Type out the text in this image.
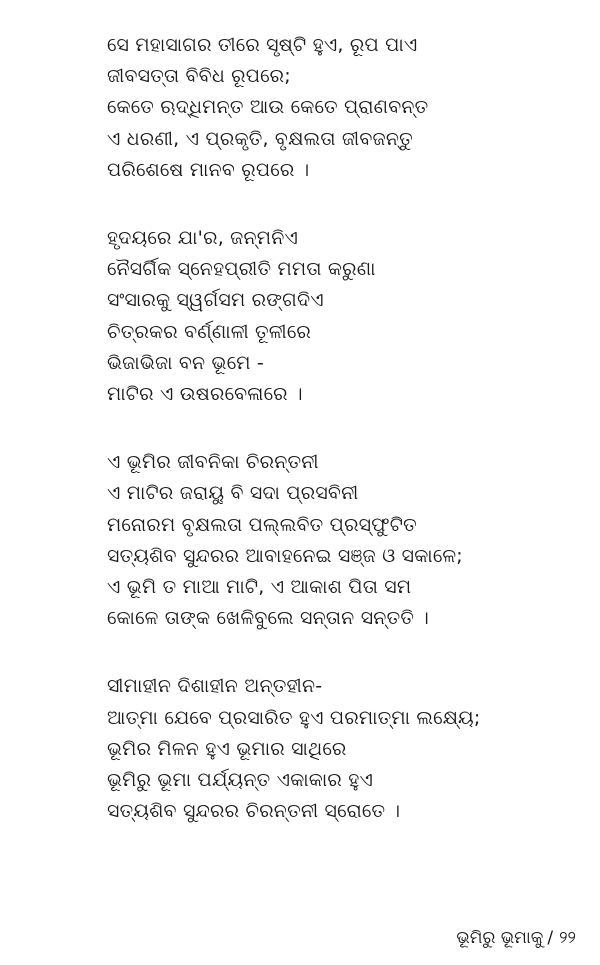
ସେ ମହାସାଗର ତୀରେ ସୃଷ୍ଟି ହୁଏ, ରୂପ ପାଏ
ଜୀବସତ୍ତା ବିବିଧ ରୂପରେ;
କେତେ ଋଦ୍ଧିମନ୍ତ ଆଉ କେତେ ପ୍ରାଣବନ୍ତ
ଏ ଧରଣୀ, ଏ ପ୍ରକୃତି, ବୃକ୍ଷଲତା ଜୀବଜନ୍ତୁ
ପରିଶେଷେ ମାନବ ରୂପରେ ।
ହୃଦୟରେ ଯା'ର, ଜନ୍ମନିଏ
ନୈସର୍ଗିକ ସ୍ନେହପ୍ରୀତି ମମତା କରୁଣା
ସଂସାରକୁ ସ୍ୱର୍ଗସମ ରଙ୍ଗଦିଏ
ଚିତ୍ରକର ବର୍ଣ୍ଣାଳୀ ତୂଳୀରେ
ଭିଜାଭିଜା ବନ ଭୂମେ -
ମାଟିର ଏ ଉଷରବେଳାରେ ।
ଏ ଭୂମିର ଜୀବନିକା ଚିରନ୍ତନୀ
ଏ ମାଟିର ଜରାୟୁ ବି ସଦା ପ୍ରସବିନୀ
ମନୋରମ ବୃକ୍ଷଲତା ପଲ୍ଲବିତ ପ୍ରସ୍ଫୁଟିତ
ସତ୍ୟଶିବ ସୁନ୍ଦରର ଆବାହନେଇ ସଞ୍ଜ ଓ ସକାଳେ;
ଏ ଭୂମି ତ ମାଆ ମାଟି, ଏ ଆକାଶ ପିତା ସମ
କୋଳେ ତାଙ୍କ ଖେଳିବୁଲେ ସନ୍ତାନ ସନ୍ତତି ।
ସୀମାହୀନ ଦିଶାହୀନ ଅନ୍ତହୀନ-
ଆତ୍ମା ଯେବେ ପ୍ରସାରିତ ହୁଏ ପରମାତ୍ମା ଲକ୍ଷ୍ୟେ;
ଭୂମିର ମିଳନ ହୁଏ ଭୂମାର ସାଥିରେ
ଭୂମିରୁ ଭୂମା ପର୍ଯ୍ୟନ୍ତ ଏକାକାର ହୁଏ
ସତ୍ୟଶିବ ସୁନ୍ଦରର ଚିରନ୍ତନୀ ସ୍ରୋତେ ।
ଭୂମିରୁ ଭୂମାକୁ / ୨୨
